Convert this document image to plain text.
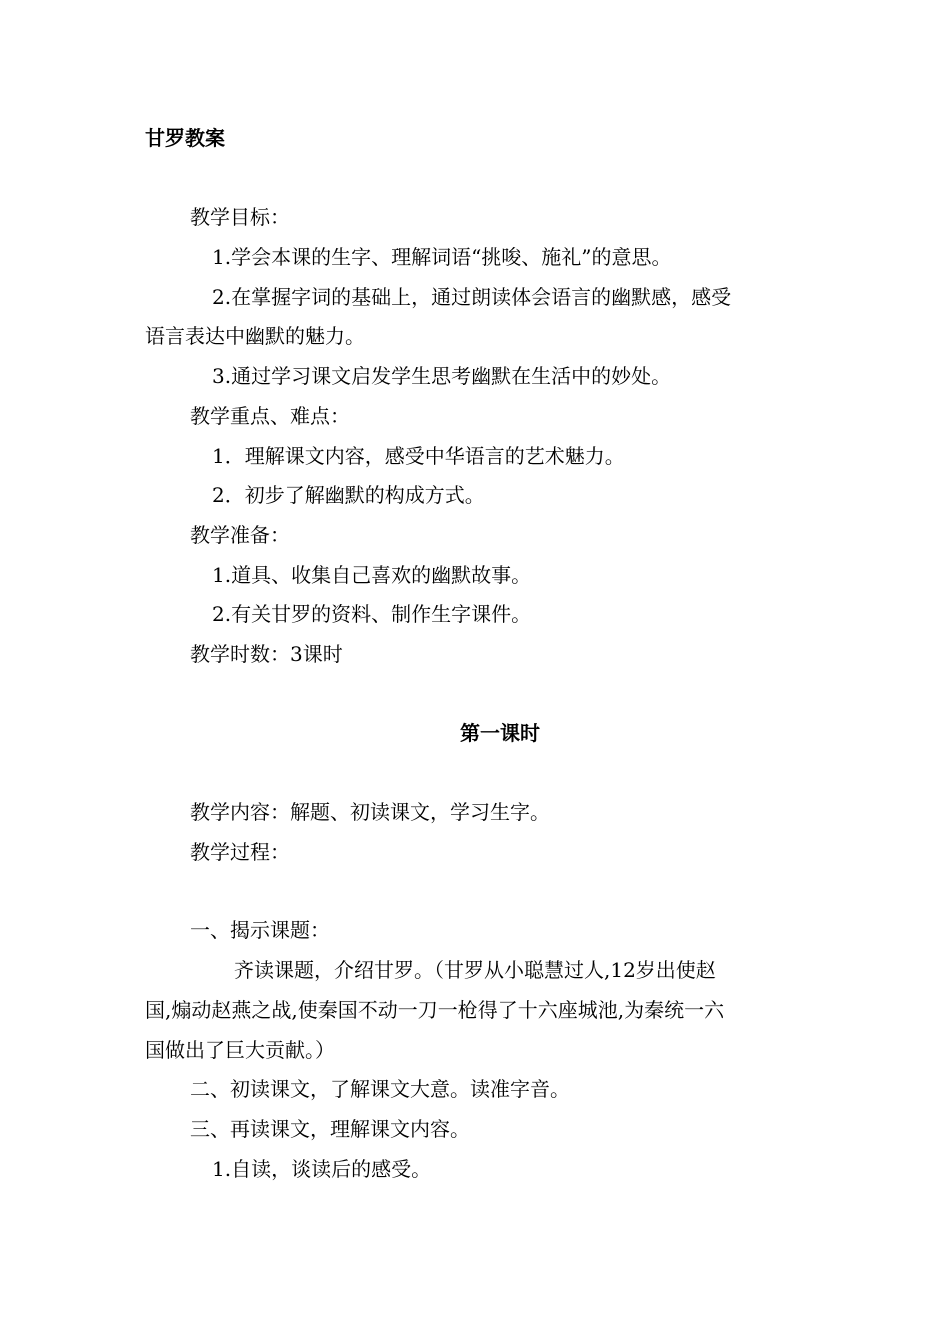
甘罗教案
教学目标：
1.学会本课的生字、理解词语“挑唆、施礼”的意思。
2.在掌握字词的基础上，通过朗读体会语言的幽默感，感受
语言表达中幽默的魅力。
3.通过学习课文启发学生思考幽默在生活中的妙处。
教学重点、难点：
1．理解课文内容，感受中华语言的艺术魅力。
2．初步了解幽默的构成方式。
教学准备：
1.道具、收集自己喜欢的幽默故事。
2.有关甘罗的资料、制作生字课件。
教学时数：3课时
第一课时
教学内容：解题、初读课文，学习生字。
教学过程：
一、揭示课题：
齐读课题，介绍甘罗。（甘罗从小聪慧过人,12岁出使赵
国,煽动赵燕之战,使秦国不动一刀一枪得了十六座城池,为秦统一六
国做出了巨大贡献。）
二、初读课文，了解课文大意。读准字音。
三、再读课文，理解课文内容。
1.自读，谈读后的感受。
